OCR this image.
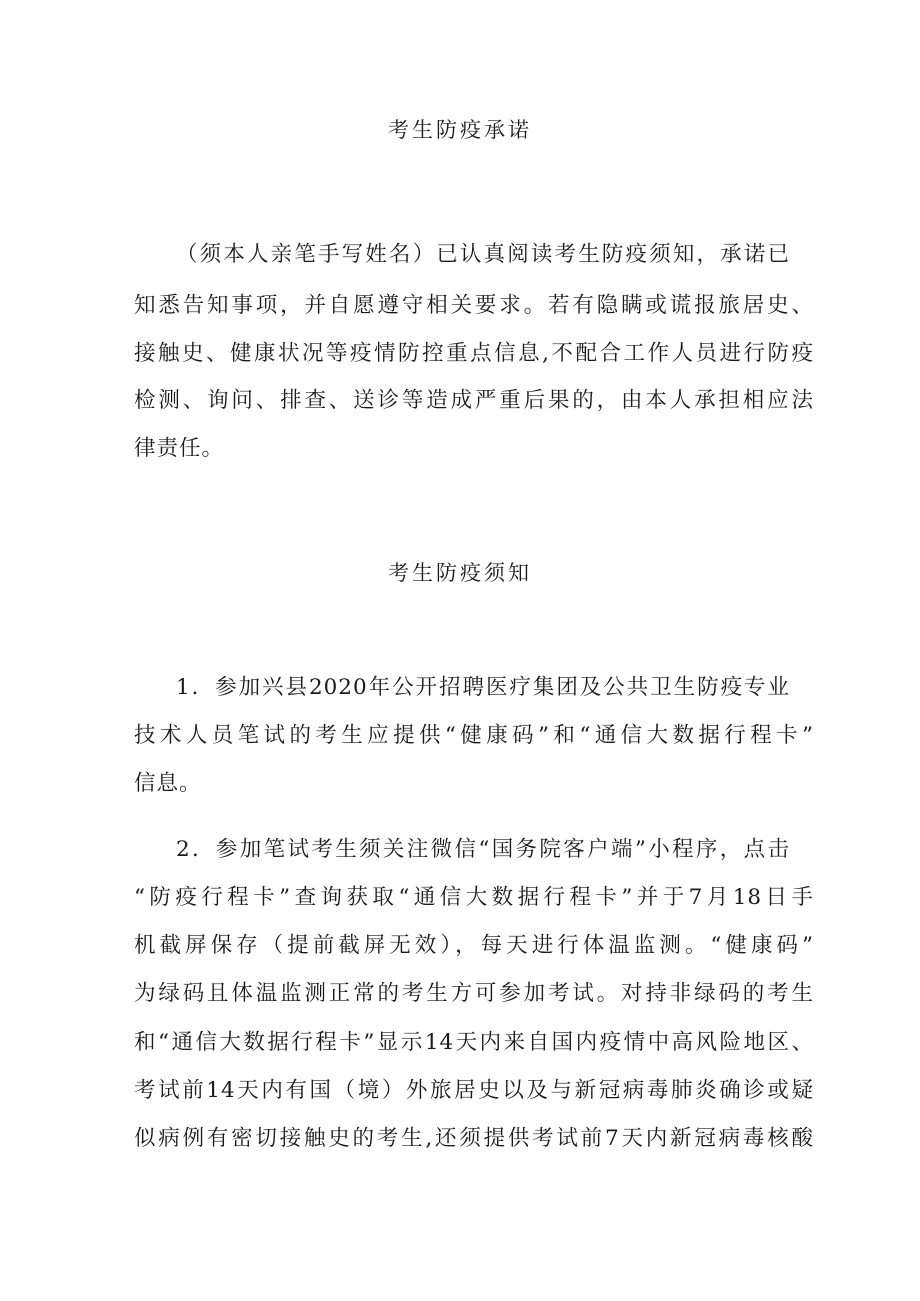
考生防疫承诺
（须本人亲笔手写姓名）已认真阅读考生防疫须知，承诺已
知悉告知事项，并自愿遵守相关要求。若有隐瞒或谎报旅居史、
接触史、健康状况等疫情防控重点信息,不配合工作人员进行防疫
检测、询问、排查、送诊等造成严重后果的，由本人承担相应法
律责任。
考生防疫须知
1．参加兴县2020年公开招聘医疗集团及公共卫生防疫专业
技术人员笔试的考生应提供“健康码”和“通信大数据行程卡”
信息。
2．参加笔试考生须关注微信“国务院客户端”小程序，点击
“防疫行程卡”查询获取“通信大数据行程卡”并于7月18日手
机截屏保存（提前截屏无效），每天进行体温监测。“健康码”
为绿码且体温监测正常的考生方可参加考试。对持非绿码的考生
和“通信大数据行程卡”显示14天内来自国内疫情中高风险地区、
考试前14天内有国（境）外旅居史以及与新冠病毒肺炎确诊或疑
似病例有密切接触史的考生,还须提供考试前7天内新冠病毒核酸
